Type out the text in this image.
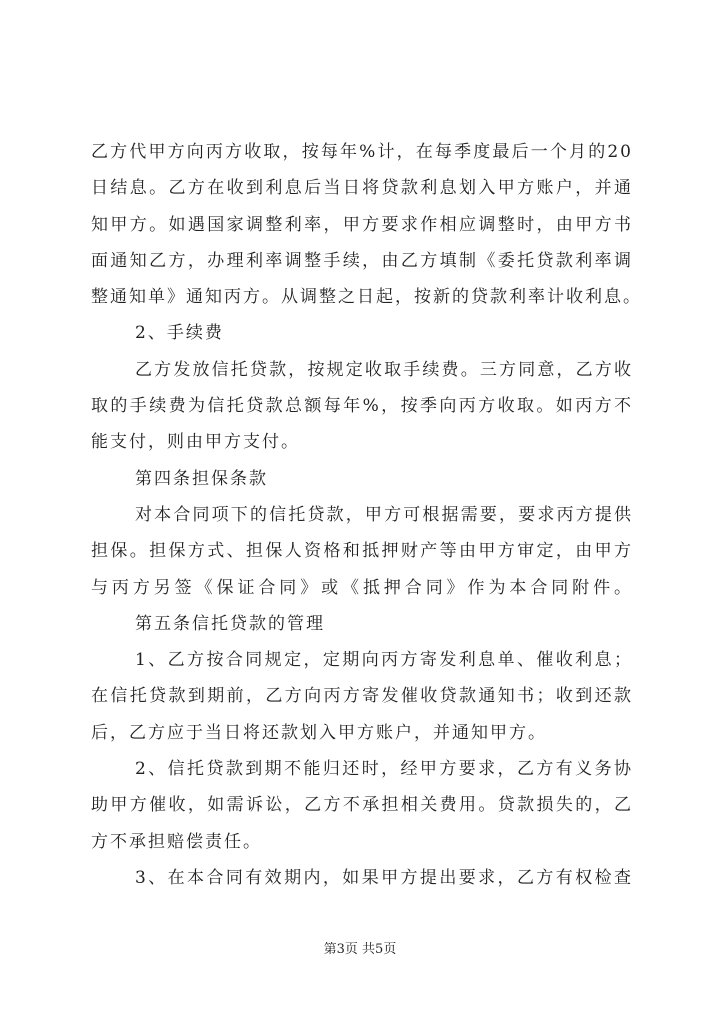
乙方代甲方向丙方收取，按每年%计，在每季度最后一个月的20
日结息。乙方在收到利息后当日将贷款利息划入甲方账户，并通
知甲方。如遇国家调整利率，甲方要求作相应调整时，由甲方书
面通知乙方，办理利率调整手续，由乙方填制《委托贷款利率调
整通知单》通知丙方。从调整之日起，按新的贷款利率计收利息。
2、手续费
乙方发放信托贷款，按规定收取手续费。三方同意，乙方收
取的手续费为信托贷款总额每年%，按季向丙方收取。如丙方不
能支付，则由甲方支付。
第四条担保条款
对本合同项下的信托贷款，甲方可根据需要，要求丙方提供
担保。担保方式、担保人资格和抵押财产等由甲方审定，由甲方
与丙方另签《保证合同》或《抵押合同》作为本合同附件。
第五条信托贷款的管理
1、乙方按合同规定，定期向丙方寄发利息单、催收利息；
在信托贷款到期前，乙方向丙方寄发催收贷款通知书；收到还款
后，乙方应于当日将还款划入甲方账户，并通知甲方。
2、信托贷款到期不能归还时，经甲方要求，乙方有义务协
助甲方催收，如需诉讼，乙方不承担相关费用。贷款损失的，乙
方不承担赔偿责任。
3、在本合同有效期内，如果甲方提出要求，乙方有权检查
第3页 共5页
